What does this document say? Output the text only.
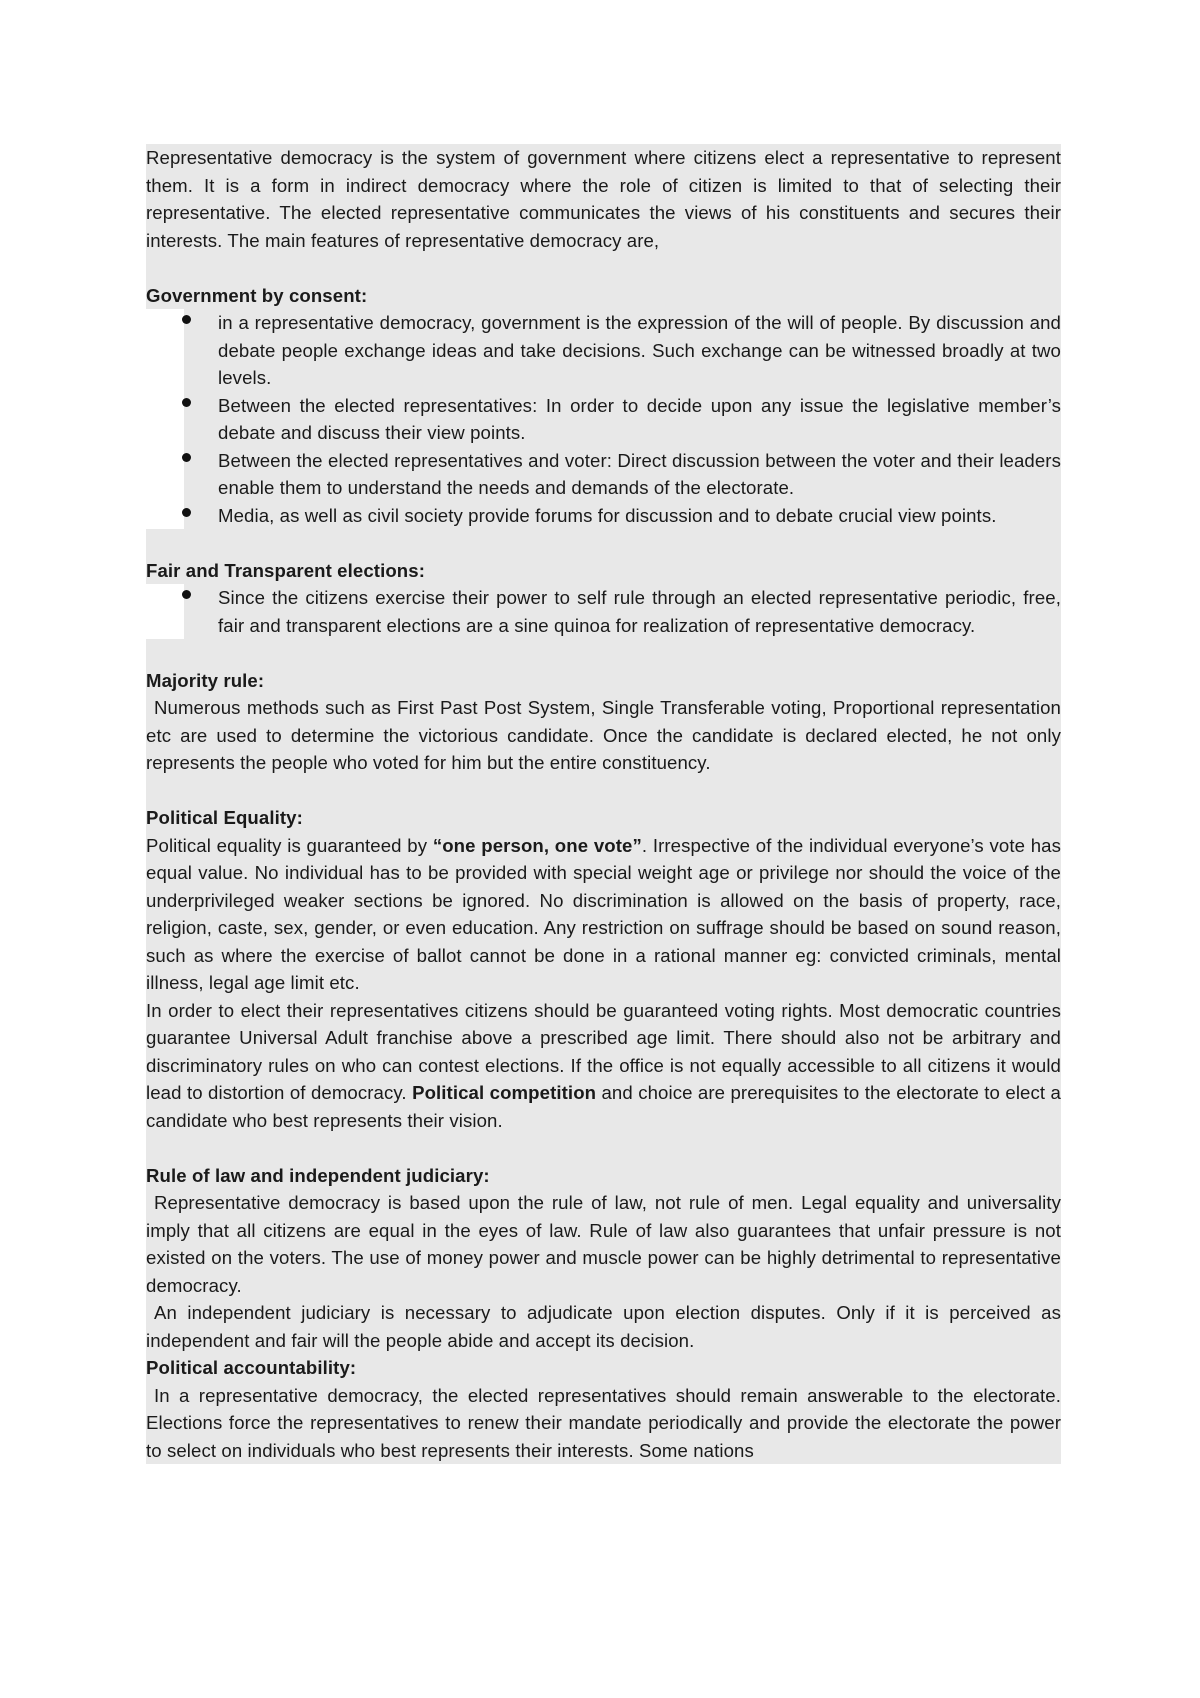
Representative democracy is the system of government where citizens elect a representative to represent them. It is a form in indirect democracy where the role of citizen is limited to that of selecting their representative. The elected representative communicates the views of his constituents and secures their interests. The main features of representative democracy are,

Government by consent:

in a representative democracy, government is the expression of the will of people. By discussion and debate people exchange ideas and take decisions. Such exchange can be witnessed broadly at two levels.
Between the elected representatives: In order to decide upon any issue the legislative member’s debate and discuss their view points.
Between the elected representatives and voter: Direct discussion between the voter and their leaders enable them to understand the needs and demands of the electorate.
Media, as well as civil society provide forums for discussion and to debate crucial view points.

Fair and Transparent elections:

Since the citizens exercise their power to self rule through an elected representative periodic, free, fair and transparent elections are a sine quinoa for realization of representative democracy.

Majority rule:

Numerous methods such as First Past Post System, Single Transferable voting, Proportional representation etc are used to determine the victorious candidate. Once the candidate is declared elected, he not only represents the people who voted for him but the entire constituency.

Political Equality:

Political equality is guaranteed by “one person, one vote”. Irrespective of the individual everyone’s vote has equal value. No individual has to be provided with special weight age or privilege nor should the voice of the underprivileged weaker sections be ignored. No discrimination is allowed on the basis of property, race, religion, caste, sex, gender, or even education. Any restriction on suffrage should be based on sound reason, such as where the exercise of ballot cannot be done in a rational manner eg: convicted criminals, mental illness, legal age limit etc.

In order to elect their representatives citizens should be guaranteed voting rights. Most democratic countries guarantee Universal Adult franchise above a prescribed age limit. There should also not be arbitrary and discriminatory rules on who can contest elections. If the office is not equally accessible to all citizens it would lead to distortion of democracy. Political competition and choice are prerequisites to the electorate to elect a candidate who best represents their vision.

Rule of law and independent judiciary:

Representative democracy is based upon the rule of law, not rule of men. Legal equality and universality imply that all citizens are equal in the eyes of law. Rule of law also guarantees that unfair pressure is not existed on the voters. The use of money power and muscle power can be highly detrimental to representative democracy.

An independent judiciary is necessary to adjudicate upon election disputes. Only if it is perceived as independent and fair will the people abide and accept its decision.

Political accountability:

In a representative democracy, the elected representatives should remain answerable to the electorate. Elections force the representatives to renew their mandate periodically and provide the electorate the power to select on individuals who best represents their interests. Some nations
